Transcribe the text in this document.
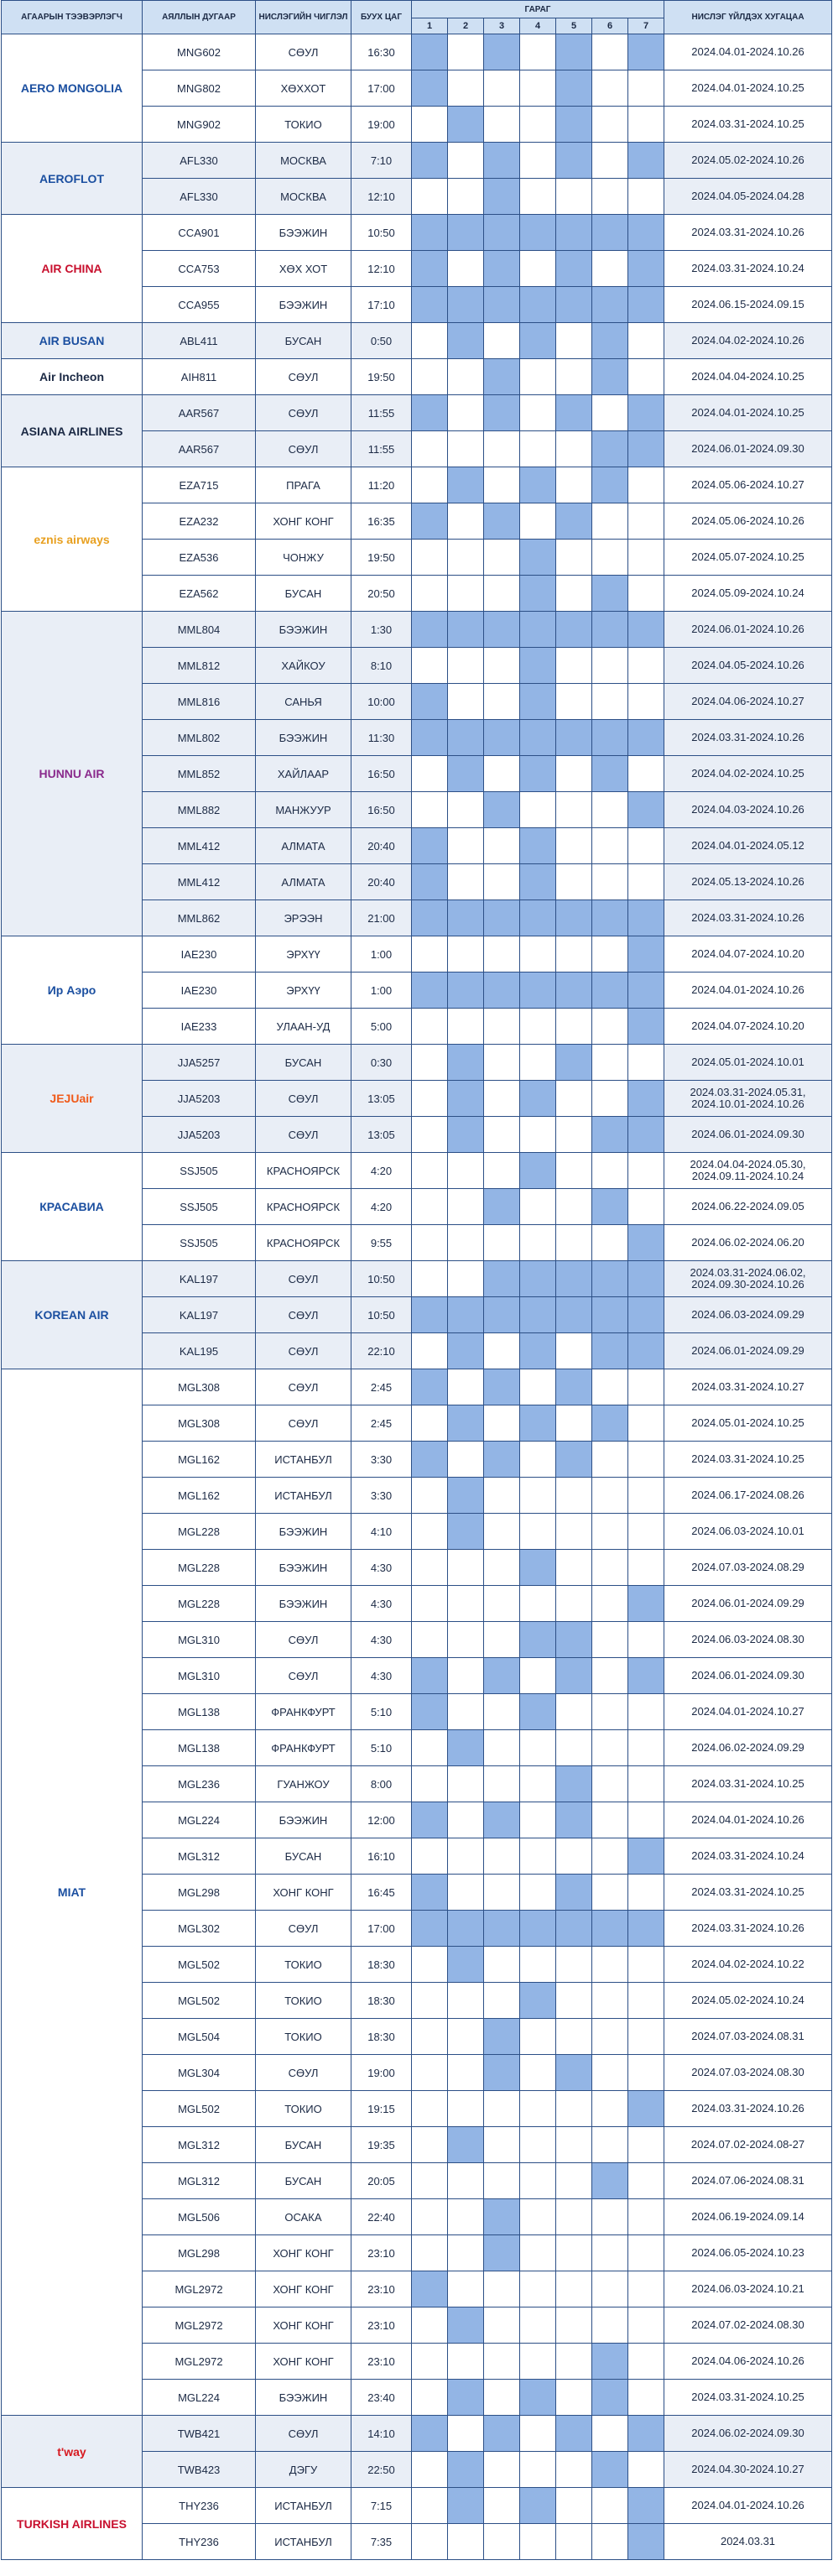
АГААРЫН ТЭЭВЭРЛЭГЧ	АЯЛЛЫН ДУГААР	НИСЛЭГИЙН ЧИГЛЭЛ	БУУХ ЦАГ	ГАРАГ							НИСЛЭГ ҮЙЛДЭХ ХУГАЦАА
				1	2	3	4	5	6	7	

AERO MONGOLIA	MNG602	СӨУЛ	16:30								2024.04.01-2024.10.26
	MNG802	ХӨХХОТ	17:00								2024.04.01-2024.10.25
	MNG902	ТОКИО	19:00								2024.03.31-2024.10.25

AEROFLOT	AFL330	МОСКВА	7:10								2024.05.02-2024.10.26
	AFL330	МОСКВА	12:10								2024.04.05-2024.04.28

AIR CHINA	CCA901	БЭЭЖИН	10:50								2024.03.31-2024.10.26
	CCA753	ХӨХ ХОТ	12:10								2024.03.31-2024.10.24
	CCA955	БЭЭЖИН	17:10								2024.06.15-2024.09.15

AIR BUSAN	ABL411	БУСАН	0:50								2024.04.02-2024.10.26

Air Incheon	AIH811	СӨУЛ	19:50								2024.04.04-2024.10.25

ASIANA AIRLINES	AAR567	СӨУЛ	11:55								2024.04.01-2024.10.25
	AAR567	СӨУЛ	11:55								2024.06.01-2024.09.30

eznis airways	EZA715	ПРАГА	11:20								2024.05.06-2024.10.27
	EZA232	ХОНГ КОНГ	16:35								2024.05.06-2024.10.26
	EZA536	ЧОНЖУ	19:50								2024.05.07-2024.10.25
	EZA562	БУСАН	20:50								2024.05.09-2024.10.24

HUNNU AIR	MML804	БЭЭЖИН	1:30								2024.06.01-2024.10.26
	MML812	ХАЙКОУ	8:10								2024.04.05-2024.10.26
	MML816	САНЬЯ	10:00								2024.04.06-2024.10.27
	MML802	БЭЭЖИН	11:30								2024.03.31-2024.10.26
	MML852	ХАЙЛААР	16:50								2024.04.02-2024.10.25
	MML882	МАНЖУУР	16:50								2024.04.03-2024.10.26
	MML412	АЛМАТА	20:40								2024.04.01-2024.05.12
	MML412	АЛМАТА	20:40								2024.05.13-2024.10.26
	MML862	ЭРЭЭН	21:00								2024.03.31-2024.10.26

Ир Аэро	IAE230	ЭРХҮҮ	1:00								2024.04.07-2024.10.20
	IAE230	ЭРХҮҮ	1:00								2024.04.01-2024.10.26
	IAE233	УЛААН-УД	5:00								2024.04.07-2024.10.20

JEJUair	JJA5257	БУСАН	0:30								2024.05.01-2024.10.01
	JJA5203	СӨУЛ	13:05								2024.03.31-2024.05.31, 2024.10.01-2024.10.26
	JJA5203	СӨУЛ	13:05								2024.06.01-2024.09.30

КРАСАВИА	SSJ505	КРАСНОЯРСК	4:20								2024.04.04-2024.05.30, 2024.09.11-2024.10.24
	SSJ505	КРАСНОЯРСК	4:20								2024.06.22-2024.09.05
	SSJ505	КРАСНОЯРСК	9:55								2024.06.02-2024.06.20

KOREAN AIR	KAL197	СӨУЛ	10:50								2024.03.31-2024.06.02, 2024.09.30-2024.10.26
	KAL197	СӨУЛ	10:50								2024.06.03-2024.09.29
	KAL195	СӨУЛ	22:10								2024.06.01-2024.09.29

MIAT	MGL308	СӨУЛ	2:45								2024.03.31-2024.10.27
	MGL308	СӨУЛ	2:45								2024.05.01-2024.10.25
	MGL162	ИСТАНБУЛ	3:30								2024.03.31-2024.10.25
	MGL162	ИСТАНБУЛ	3:30								2024.06.17-2024.08.26
	MGL228	БЭЭЖИН	4:10								2024.06.03-2024.10.01
	MGL228	БЭЭЖИН	4:30								2024.07.03-2024.08.29
	MGL228	БЭЭЖИН	4:30								2024.06.01-2024.09.29
	MGL310	СӨУЛ	4:30								2024.06.03-2024.08.30
	MGL310	СӨУЛ	4:30								2024.06.01-2024.09.30
	MGL138	ФРАНКФУРТ	5:10								2024.04.01-2024.10.27
	MGL138	ФРАНКФУРТ	5:10								2024.06.02-2024.09.29
	MGL236	ГУАНЖОУ	8:00								2024.03.31-2024.10.25
	MGL224	БЭЭЖИН	12:00								2024.04.01-2024.10.26
	MGL312	БУСАН	16:10								2024.03.31-2024.10.24
	MGL298	ХОНГ КОНГ	16:45								2024.03.31-2024.10.25
	MGL302	СӨУЛ	17:00								2024.03.31-2024.10.26
	MGL502	ТОКИО	18:30								2024.04.02-2024.10.22
	MGL502	ТОКИО	18:30								2024.05.02-2024.10.24
	MGL504	ТОКИО	18:30								2024.07.03-2024.08.31
	MGL304	СӨУЛ	19:00								2024.07.03-2024.08.30
	MGL502	ТОКИО	19:15								2024.03.31-2024.10.26
	MGL312	БУСАН	19:35								2024.07.02-2024.08-27
	MGL312	БУСАН	20:05								2024.07.06-2024.08.31
	MGL506	ОСАКА	22:40								2024.06.19-2024.09.14
	MGL298	ХОНГ КОНГ	23:10								2024.06.05-2024.10.23
	MGL2972	ХОНГ КОНГ	23:10								2024.06.03-2024.10.21
	MGL2972	ХОНГ КОНГ	23:10								2024.07.02-2024.08.30
	MGL2972	ХОНГ КОНГ	23:10								2024.04.06-2024.10.26
	MGL224	БЭЭЖИН	23:40								2024.03.31-2024.10.25

t'way	TWB421	СӨУЛ	14:10								2024.06.02-2024.09.30
	TWB423	ДЭГУ	22:50								2024.04.30-2024.10.27

TURKISH AIRLINES	THY236	ИСТАНБУЛ	7:15								2024.04.01-2024.10.26
	THY236	ИСТАНБУЛ	7:35								2024.03.31
